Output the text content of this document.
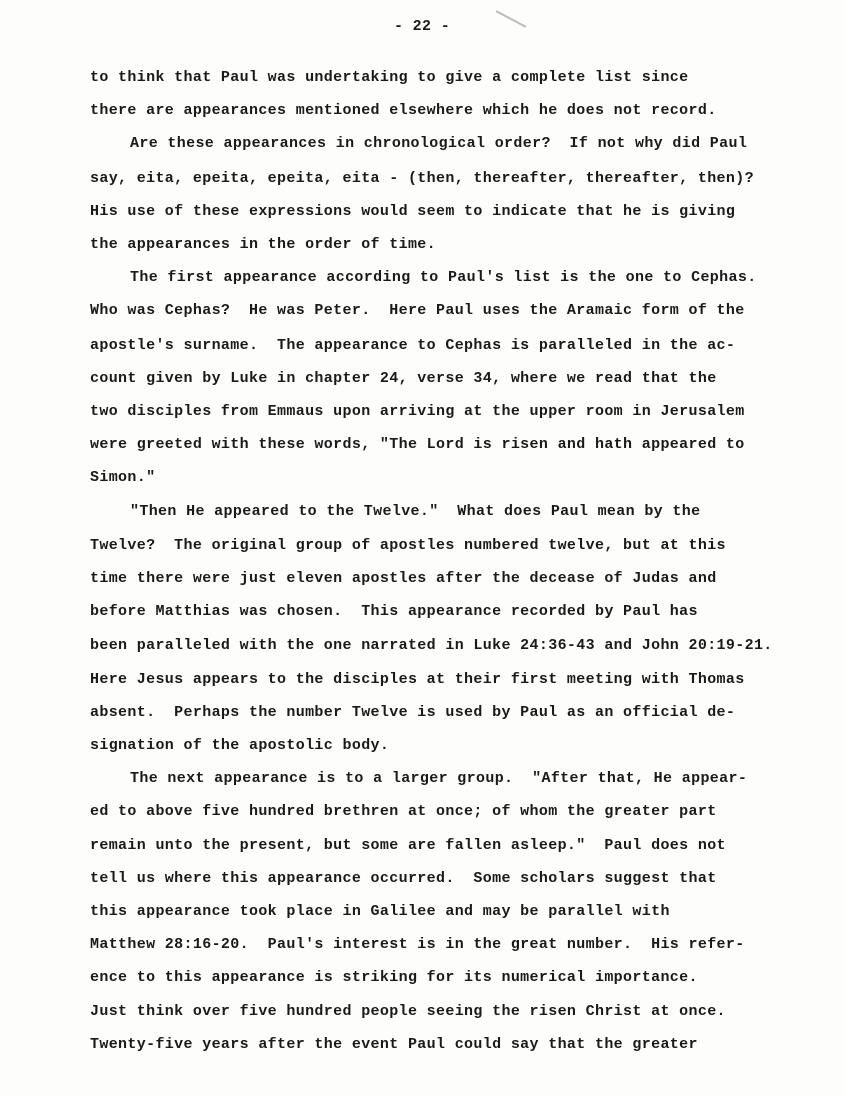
- 22 -
to think that Paul was undertaking to give a complete list since
there are appearances mentioned elsewhere which he does not record.
Are these appearances in chronological order?  If not why did Paul
say, eita, epeita, epeita, eita - (then, thereafter, thereafter, then)?
His use of these expressions would seem to indicate that he is giving
the appearances in the order of time.
The first appearance according to Paul's list is the one to Cephas.
Who was Cephas?  He was Peter.  Here Paul uses the Aramaic form of the
apostle's surname.  The appearance to Cephas is paralleled in the ac-
count given by Luke in chapter 24, verse 34, where we read that the
two disciples from Emmaus upon arriving at the upper room in Jerusalem
were greeted with these words, "The Lord is risen and hath appeared to
Simon."
"Then He appeared to the Twelve."  What does Paul mean by the
Twelve?  The original group of apostles numbered twelve, but at this
time there were just eleven apostles after the decease of Judas and
before Matthias was chosen.  This appearance recorded by Paul has
been paralleled with the one narrated in Luke 24:36-43 and John 20:19-21.
Here Jesus appears to the disciples at their first meeting with Thomas
absent.  Perhaps the number Twelve is used by Paul as an official de-
signation of the apostolic body.
The next appearance is to a larger group.  "After that, He appear-
ed to above five hundred brethren at once; of whom the greater part
remain unto the present, but some are fallen asleep."  Paul does not
tell us where this appearance occurred.  Some scholars suggest that
this appearance took place in Galilee and may be parallel with
Matthew 28:16-20.  Paul's interest is in the great number.  His refer-
ence to this appearance is striking for its numerical importance.
Just think over five hundred people seeing the risen Christ at once.
Twenty-five years after the event Paul could say that the greater
